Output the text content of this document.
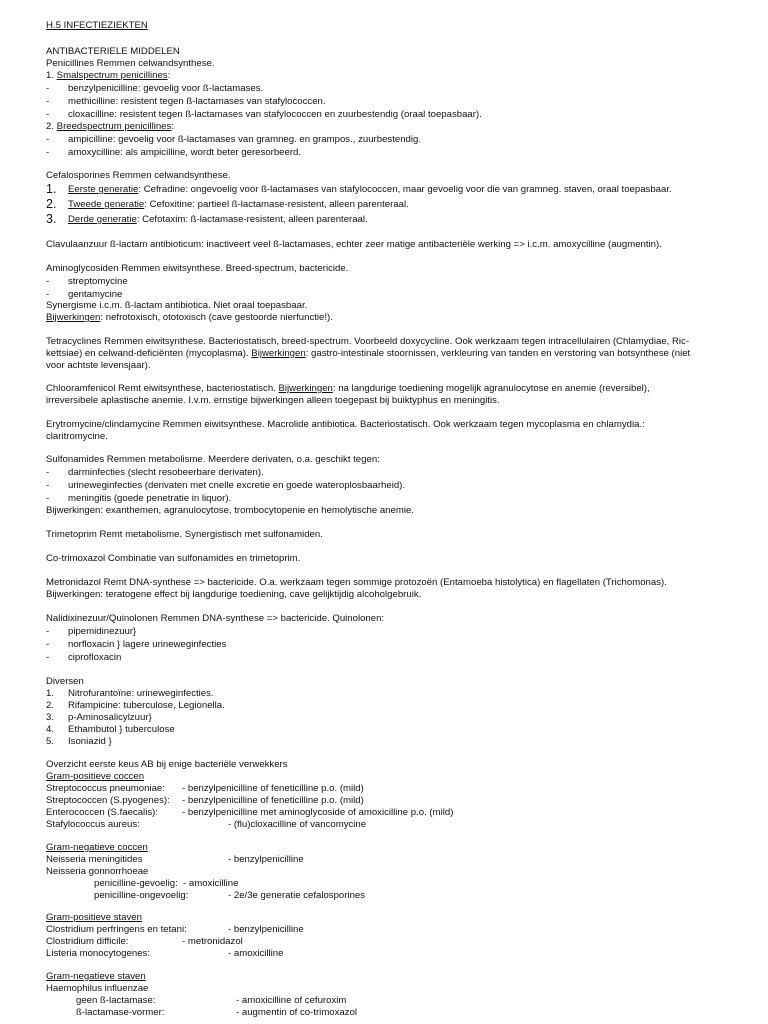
H.5 INFECTIEZIEKTEN
ANTIBACTERIELE MIDDELEN
Penicillines Remmen celwandsynthese.
1. Smalspectrum penicillines:
- benzylpenicilline: gevoelig voor ß-lactamases.
- methicilline: resistent tegen ß-lactamases van stafylococcen.
- cloxacilline: resistent tegen ß-lactamases van stafylococcen en zuurbestendig (oraal toepasbaar).
2. Breedspectrum penicillines:
- ampicilline: gevoelig voor ß-lactamases van gramneg. en grampos., zuurbestendig.
- amoxycilline: als ampicilline, wordt beter geresorbeerd.
Cefalosporines Remmen celwandsynthese.
1. Eerste generatie: Cefradine: ongevoelig voor ß-lactamases van stafylococcen, maar gevoelig voor die van gramneg. staven, oraal toepasbaar.
2. Tweede generatie: Cefoxitine: partieel ß-lactamase-resistent, alleen parenteraal.
3. Derde generatie: Cefotaxim: ß-lactamase-resistent, alleen parenteraal.
Clavulaanzuur ß-lactam antibioticum: inactiveert veel ß-lactamases, echter zeer matige antibacteriële werking => i.c.m. amoxycilline (augmentin).
Aminoglycosiden Remmen eiwitsynthese. Breed-spectrum, bactericide.
- streptomycine
- gentamycine
Synergisme i.c.m. ß-lactam antibiotica. Niet oraal toepasbaar.
Bijwerkingen: nefrotoxisch, ototoxisch (cave gestoorde nierfunctie!).
Tetracyclines Remmen eiwitsynthese. Bacteriostatisch, breed-spectrum. Voorbeeld doxycycline. Ook werkzaam tegen intracellulairen (Chlamydiae, Ric-
kettsiae) en celwand-deficiënten (mycoplasma). Bijwerkingen: gastro-intestinale stoornissen, verkleuring van tanden en verstoring van botsynthese (niet
voor achtste levensjaar).
Chlooramfenicol Remt eiwitsynthese, bacteriostatisch. Bijwerkingen: na langdurige toediening mogelijk agranulocytose en anemie (reversibel),
irreversibele aplastische anemie. I.v.m. ernstige bijwerkingen alleen toegepast bij buiktyphus en meningitis.
Erytromycine/clindamycine Remmen eiwitsynthese. Macrolide antibiotica. Bacteriostatisch. Ook werkzaam tegen mycoplasma en chlamydia.:
claritromycine.
Sulfonamides Remmen metabolisme. Meerdere derivaten, o.a. geschikt tegen:
- darminfecties (slecht resobeerbare derivaten).
- urineweginfecties (derivaten met cnelle excretie en goede wateroplosbaarheid).
- meningitis (goede penetratie in liquor).
Bijwerkingen: exanthemen, agranulocytose, trombocytopenie en hemolytische anemie.
Trimetoprim Remt metabolisme. Synergistisch met sulfonamiden.
Co-trimoxazol Combinatie van sulfonamides en trimetoprim.
Metronidazol Remt DNA-synthese => bactericide. O.a. werkzaam tegen sommige protozoën (Entamoeba histolytica) en flagellaten (Trichomonas).
Bijwerkingen: teratogene effect bij langdurige toediening, cave gelijktijdig alcoholgebruik.
Nalidixinezuur/Quinolonen Remmen DNA-synthese => bactericide. Quinolonen:
- pipemidinezuur}
- norfloxacin } lagere urineweginfecties
- ciprofloxacin
Diversen
1. Nitrofurantoïne: urineweginfecties.
2. Rifampicine: tuberculose, Legionella.
3. p-Aminosalicylzuur}
4. Ethambutol } tuberculose
5. Isoniazid }
Overzicht eerste keus AB bij enige bacteriële verwekkers
Gram-positieve coccen
Streptococcus pneumoniae: - benzylpenicilline of feneticilline p.o. (mild)
Streptococcen (S.pyogenes): - benzylpenicilline of feneticilline p.o. (mild)
Enterococcen (S.faecalis):	- benzylpenicilline met aminoglycoside of amoxicilline p.o. (mild)
Stafylococcus aureus:	- (flu)cloxacilline of vancomycine
Gram-negatieve coccen
Neisseria meningitides	- benzylpenicilline
Neisseria gonnorrhoeae
penicilline-gevoelig: - amoxicilline
penicilline-ongevoelig:	- 2e/3e generatie cefalosporines
Gram-positieve staven
Clostridium perfringens en tetani:	- benzylpenicilline
Clostridium difficile:	- metronidazol
Listeria monocytogenes:	- amoxicilline
Gram-negatieve staven
Haemophilus influenzae
geen ß-lactamase:	- amoxicilline of cefuroxim
ß-lactamase-vormer:	- augmentin of co-trimoxazol
